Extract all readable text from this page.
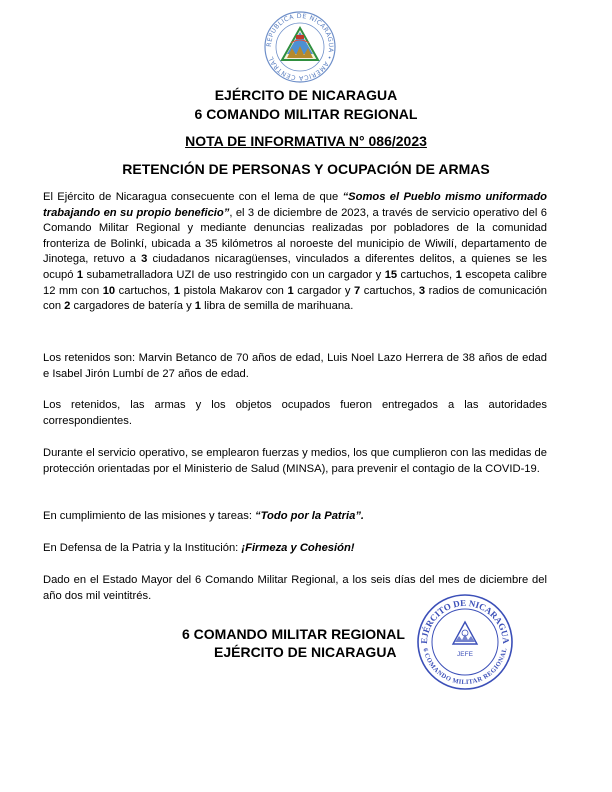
REPÚBLICA DE NICARAGUA • AMÉRICA CENTRAL
EJÉRCITO DE NICARAGUA
6 COMANDO MILITAR REGIONAL
NOTA DE INFORMATIVA N° 086/2023
RETENCIÓN DE PERSONAS Y OCUPACIÓN DE ARMAS

El Ejército de Nicaragua consecuente con el lema de que “Somos el Pueblo mismo uniformado trabajando en su propio beneficio”, el 3 de diciembre de 2023, a través de servicio operativo del 6 Comando Militar Regional y mediante denuncias realizadas por pobladores de la comunidad fronteriza de Bolinkí, ubicada a 35 kilómetros al noroeste del municipio de Wiwilí, departamento de Jinotega, retuvo a 3 ciudadanos nicaragüenses, vinculados a diferentes delitos, a quienes se les ocupó 1 subametralladora UZI de uso restringido con un cargador y 15 cartuchos, 1 escopeta calibre 12 mm con 10 cartuchos, 1 pistola Makarov con 1 cargador y 7 cartuchos, 3 radios de comunicación con 2 cargadores de batería y 1 libra de semilla de marihuana.

Los retenidos son: Marvin Betanco de 70 años de edad, Luis Noel Lazo Herrera de 38 años de edad e Isabel Jirón Lumbí de 27 años de edad.

Los retenidos, las armas y los objetos ocupados fueron entregados a las autoridades correspondientes.

Durante el servicio operativo, se emplearon fuerzas y medios, los que cumplieron con las medidas de protección orientadas por el Ministerio de Salud (MINSA), para prevenir el contagio de la COVID-19.

En cumplimiento de las misiones y tareas: “Todo por la Patria”.

En Defensa de la Patria y la Institución: ¡Firmeza y Cohesión!

Dado en el Estado Mayor del 6 Comando Militar Regional, a los seis días del mes de diciembre del año dos mil veintitrés.

6 COMANDO MILITAR REGIONAL
EJÉRCITO DE NICARAGUA
EJÉRCITO DE NICARAGUA
6 COMANDO MILITAR REGIONAL
JEFE
